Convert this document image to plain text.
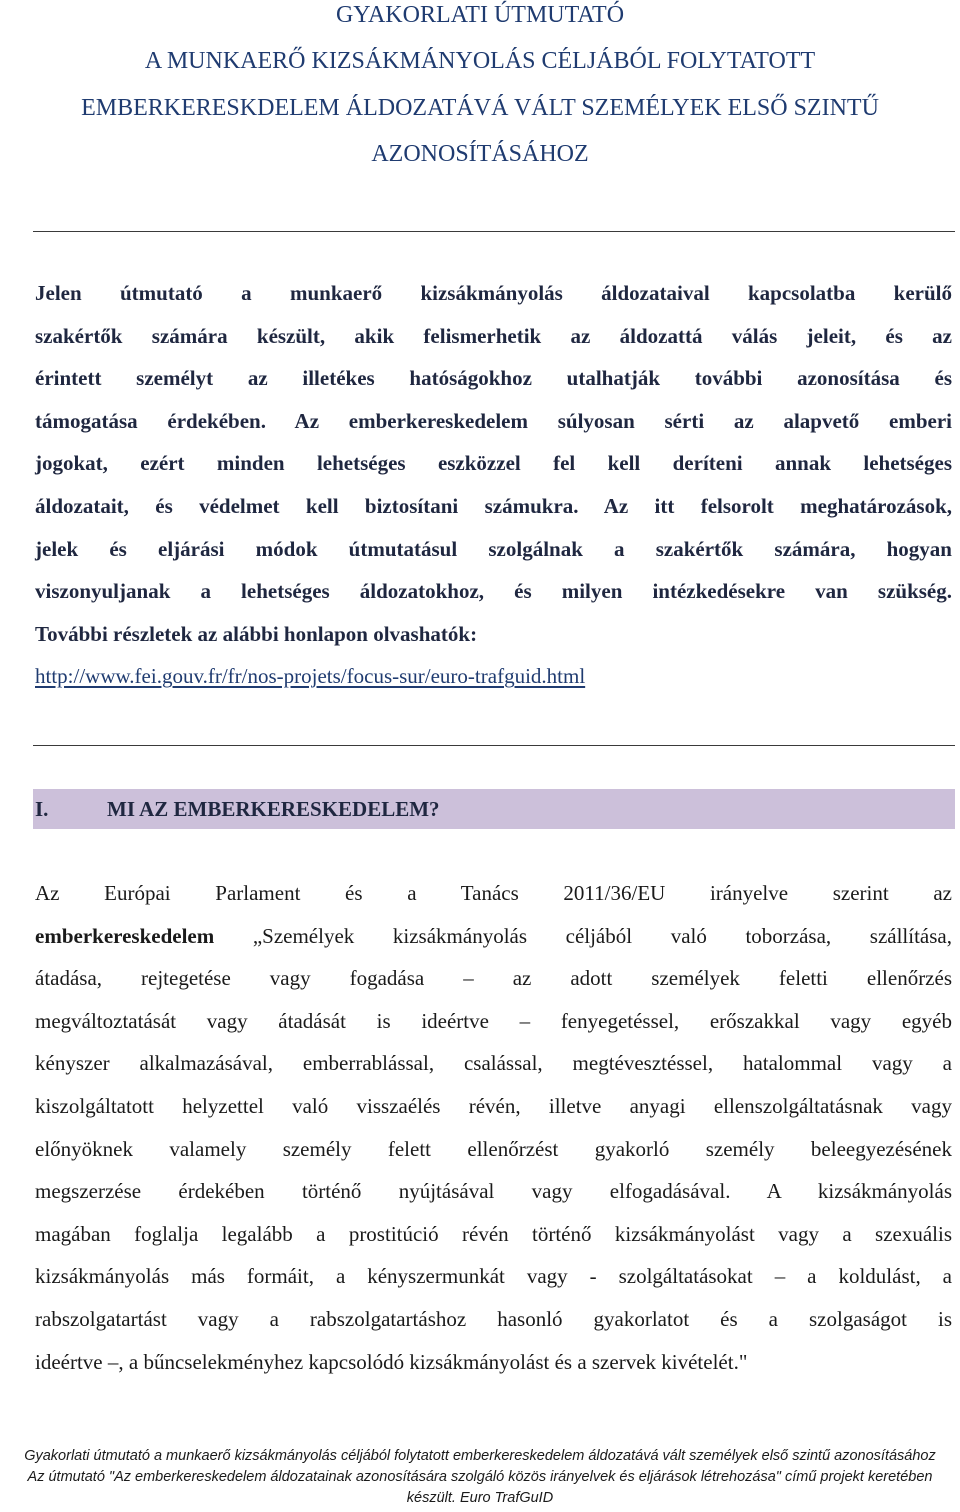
GYAKORLATI ÚTMUTATÓ
A MUNKAERŐ KIZSÁKMÁNYOLÁS CÉLJÁBÓL FOLYTATOTT
EMBERKERESKDELEM ÁLDOZATÁVÁ VÁLT SZEMÉLYEK ELSŐ SZINTŰ
AZONOSÍTÁSÁHOZ
Jelen útmutató a munkaerő kizsákmányolás áldozataival kapcsolatba kerülő
szakértők számára készült, akik felismerhetik az áldozattá válás jeleit, és az
érintett személyt az illetékes hatóságokhoz utalhatják további azonosítása és
támogatása érdekében. Az emberkereskedelem súlyosan sérti az alapvető emberi
jogokat, ezért minden lehetséges eszközzel fel kell deríteni annak lehetséges
áldozatait, és védelmet kell biztosítani számukra. Az itt felsorolt meghatározások,
jelek és eljárási módok útmutatásul szolgálnak a szakértők számára, hogyan
viszonyuljanak a lehetséges áldozatokhoz, és milyen intézkedésekre van szükség.
További részletek az alábbi honlapon olvashatók:
http://www.fei.gouv.fr/fr/nos-projets/focus-sur/euro-trafguid.html
I.	MI AZ EMBERKERESKEDELEM?
Az Európai Parlament és a Tanács 2011/36/EU irányelve szerint az
emberkereskedelem „Személyek kizsákmányolás céljából való toborzása, szállítása,
átadása, rejtegetése vagy fogadása – az adott személyek feletti ellenőrzés
megváltoztatását vagy átadását is ideértve – fenyegetéssel, erőszakkal vagy egyéb
kényszer alkalmazásával, emberrablással, csalással, megtévesztéssel, hatalommal vagy a
kiszolgáltatott helyzettel való visszaélés révén, illetve anyagi ellenszolgáltatásnak vagy
előnyöknek valamely személy felett ellenőrzést gyakorló személy beleegyezésének
megszerzése érdekében történő nyújtásával vagy elfogadásával. A kizsákmányolás
magában foglalja legalább a prostitúció révén történő kizsákmányolást vagy a szexuális
kizsákmányolás más formáit, a kényszermunkát vagy - szolgáltatásokat – a koldulást, a
rabszolgatartást vagy a rabszolgatartáshoz hasonló gyakorlatot és a szolgaságot is
ideértve –, a bűncselekményhez kapcsolódó kizsákmányolást és a szervek kivételét."
Gyakorlati útmutató a munkaerő kizsákmányolás céljából folytatott emberkereskedelem áldozatává vált személyek első szintű azonosításához
Az útmutató "Az emberkereskedelem áldozatainak azonosítására szolgáló közös irányelvek és eljárások létrehozása" című projekt keretében
készült. Euro TrafGuID
